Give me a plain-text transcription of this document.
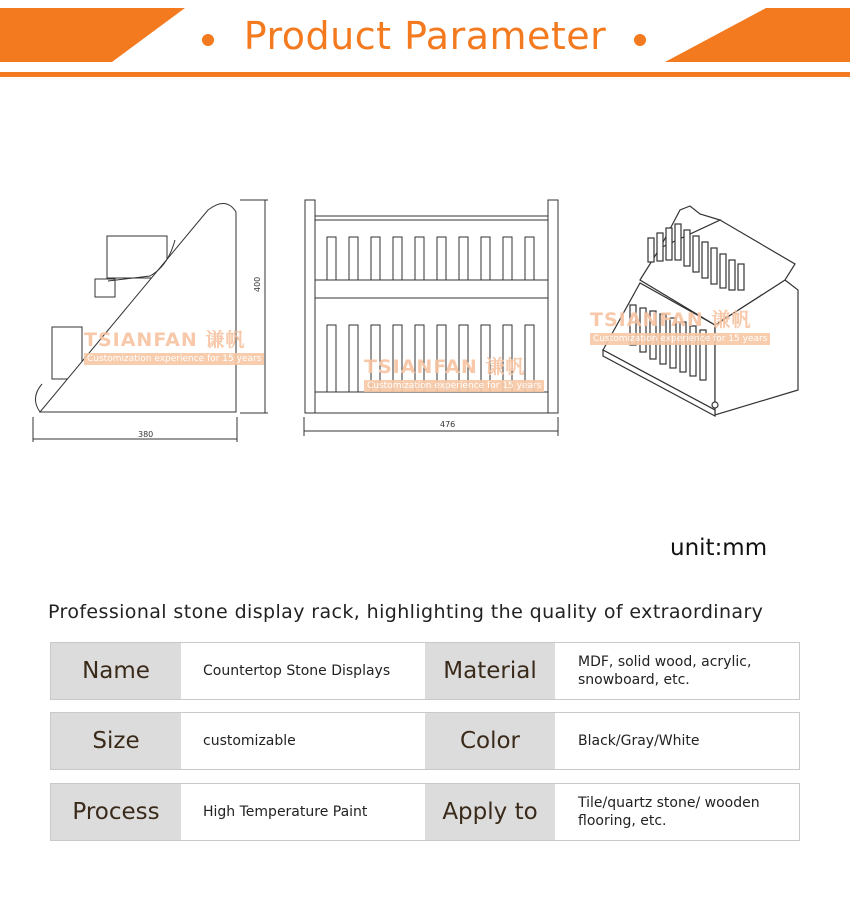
Product Parameter
380
400
476
TSIANFAN 谦帆
Customization experience for 15 years	TSIANFAN 谦帆
Customization experience for 15 years
TSIANFAN 谦帆
Customization experience for 15 years
unit:mm
Professional stone display rack, highlighting the quality of extraordinary
Name	Countertop Stone Displays	Material	MDF, solid wood, acrylic, snowboard, etc.
Size	customizable	Color	Black/Gray/White
Process	High Temperature Paint	Apply to	Tile/quartz stone/ wooden flooring, etc.
